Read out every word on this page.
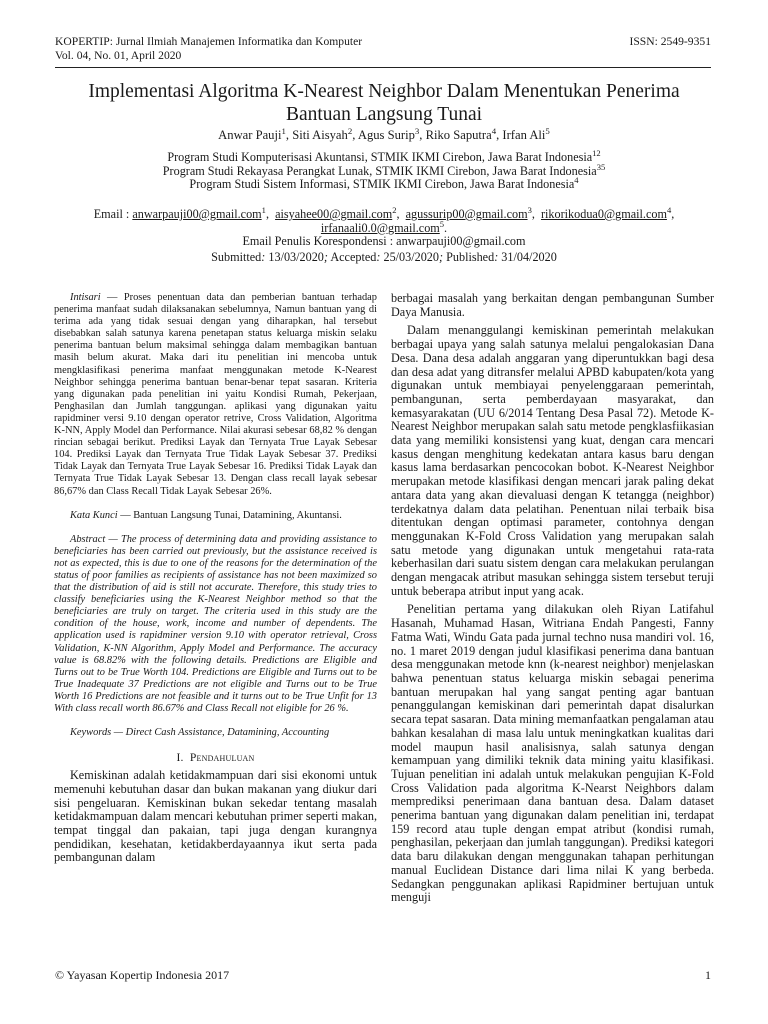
KOPERTIP: Jurnal Ilmiah Manajemen Informatika dan Komputer	ISSN: 2549-9351
Vol. 04, No. 01, April 2020
Implementasi Algoritma K-Nearest Neighbor Dalam Menentukan Penerima
Bantuan Langsung Tunai
Anwar Pauji$^1$, Siti Aisyah$^2$, Agus Surip$^3$, Riko Saputra$^4$, Irfan Ali$^5$
Program Studi Komputerisasi Akuntansi, STMIK IKMI Cirebon, Jawa Barat Indonesia$^{12}$
Program Studi Rekayasa Perangkat Lunak, STMIK IKMI Cirebon, Jawa Barat Indonesia$^{35}$
Program Studi Sistem Informasi, STMIK IKMI Cirebon, Jawa Barat Indonesia$^4$
Email : anwarpauji00@gmail.com$^1$,  aisyahee00@gmail.com$^2$,  agussurip00@gmail.com$^3$,  rikorikodua0@gmail.com$^4$,
irfanaali0.0@gmail.com$^5$.
Email Penulis Korespondensi : anwarpauji00@gmail.com
Submitted: 13/03/2020; Accepted: 25/03/2020; Published: 31/04/2020

Intisari — Proses penentuan data dan pemberian bantuan terhadap penerima manfaat sudah dilaksanakan sebelumnya, Namun bantuan yang di terima ada yang tidak sesuai dengan yang diharapkan, hal tersebut disebabkan salah satunya karena penetapan status keluarga miskin selaku penerima bantuan belum maksimal sehingga dalam membagikan bantuan masih belum akurat. Maka dari itu penelitian ini mencoba untuk mengklasifikasi penerima manfaat menggunakan metode K-Nearest Neighbor sehingga penerima bantuan benar-benar tepat sasaran. Kriteria yang digunakan pada penelitian ini yaitu Kondisi Rumah, Pekerjaan, Penghasilan dan Jumlah tanggungan. aplikasi yang digunakan yaitu rapidminer versi 9.10 dengan operator retrive, Cross Validation, Algoritma K-NN, Apply Model dan Performance. Nilai akurasi sebesar 68,82 % dengan rincian sebagai berikut. Prediksi Layak dan Ternyata True Layak Sebesar 104. Prediksi Layak dan Ternyata True Tidak Layak Sebesar 37. Prediksi Tidak Layak dan Ternyata True Layak Sebesar 16. Prediksi Tidak Layak dan Ternyata True Tidak Layak Sebesar 13. Dengan class recall layak sebesar 86,67% dan Class Recall Tidak Layak Sebesar 26%.

Kata Kunci — Bantuan Langsung Tunai, Datamining, Akuntansi.

Abstract — The process of determining data and providing assistance to beneficiaries has been carried out previously, but the assistance received is not as expected, this is due to one of the reasons for the determination of the status of poor families as recipients of assistance has not been maximized so that the distribution of aid is still not accurate. Therefore, this study tries to classify beneficiaries using the K-Nearest Neighbor method so that the beneficiaries are truly on target. The criteria used in this study are the condition of the house, work, income and number of dependents. The application used is rapidminer version 9.10 with operator retrieval, Cross Validation, K-NN Algorithm, Apply Model and Performance. The accuracy value is 68.82% with the following details. Predictions are Eligible and Turns out to be True Worth 104. Predictions are Eligible and Turns out to be True Inadequate 37 Predictions are not eligible and Turns out to be True Worth 16 Predictions are not feasible and it turns out to be True Unfit for 13 With class recall worth 86.67% and Class Recall not eligible for 26 %.

Keywords — Direct Cash Assistance, Datamining, Accounting

I. Pendahuluan

Kemiskinan adalah ketidakmampuan dari sisi ekonomi untuk memenuhi kebutuhan dasar dan bukan makanan yang diukur dari sisi pengeluaran. Kemiskinan bukan sekedar tentang masalah ketidakmampuan dalam mencari kebutuhan primer seperti makan, tempat tinggal dan pakaian, tapi juga dengan kurangnya pendidikan, kesehatan, ketidakberdayaannya ikut serta pada pembangunan dalam

berbagai masalah yang berkaitan dengan pembangunan Sumber Daya Manusia.

Dalam menanggulangi kemiskinan pemerintah melakukan berbagai upaya yang salah satunya melalui pengalokasian Dana Desa. Dana desa adalah anggaran yang diperuntukkan bagi desa dan desa adat yang ditransfer melalui APBD kabupaten/kota yang digunakan untuk membiayai penyelenggaraan pemerintah, pembangunan, serta pemberdayaan masyarakat, dan kemasyarakatan (UU 6/2014 Tentang Desa Pasal 72). Metode K-Nearest Neighbor merupakan salah satu metode pengklasfiikasian data yang memiliki konsistensi yang kuat, dengan cara mencari kasus dengan menghitung kedekatan antara kasus baru dengan kasus lama berdasarkan pencocokan bobot. K-Nearest Neighbor merupakan metode klasifikasi dengan mencari jarak paling dekat antara data yang akan dievaluasi dengan K tetangga (neighbor) terdekatnya dalam data pelatihan. Penentuan nilai terbaik bisa ditentukan dengan optimasi parameter, contohnya dengan menggunakan K-Fold Cross Validation yang merupakan salah satu metode yang digunakan untuk mengetahui rata-rata keberhasilan dari suatu sistem dengan cara melakukan perulangan dengan mengacak atribut masukan sehingga sistem tersebut teruji untuk beberapa atribut input yang acak.

Penelitian pertama yang dilakukan oleh Riyan Latifahul Hasanah, Muhamad Hasan, Witriana Endah Pangesti, Fanny Fatma Wati, Windu Gata pada jurnal techno nusa mandiri vol. 16, no. 1 maret 2019 dengan judul klasifikasi penerima dana bantuan desa menggunakan metode knn (k-nearest neighbor) menjelaskan bahwa penentuan status keluarga miskin sebagai penerima bantuan merupakan hal yang sangat penting agar bantuan penanggulangan kemiskinan dari pemerintah dapat disalurkan secara tepat sasaran. Data mining memanfaatkan pengalaman atau bahkan kesalahan di masa lalu untuk meningkatkan kualitas dari model maupun hasil analisisnya, salah satunya dengan kemampuan yang dimiliki teknik data mining yaitu klasifikasi. Tujuan penelitian ini adalah untuk melakukan pengujian K-Fold Cross Validation pada algoritma K-Nearst Neighbors dalam memprediksi penerimaan dana bantuan desa. Dalam dataset penerima bantuan yang digunakan dalam penelitian ini, terdapat 159 record atau tuple dengan empat atribut (kondisi rumah, penghasilan, pekerjaan dan jumlah tanggungan). Prediksi kategori data baru dilakukan dengan menggunakan tahapan perhitungan manual Euclidean Distance dari lima nilai K yang berbeda. Sedangkan penggunakan aplikasi Rapidminer bertujuan untuk menguji

© Yayasan Kopertip Indonesia 2017	1
